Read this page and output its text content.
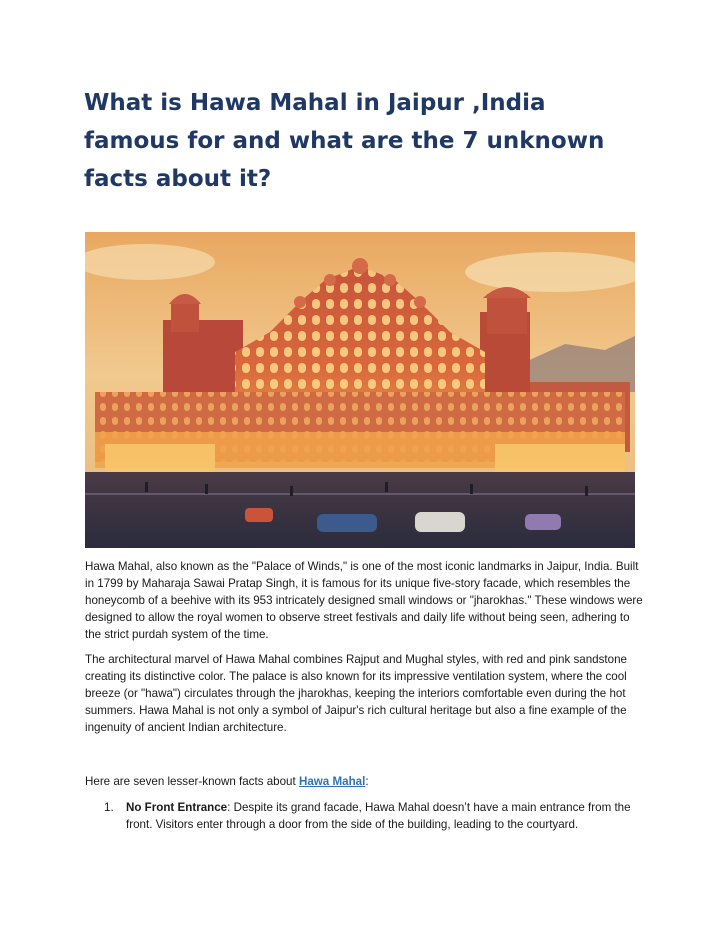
What is Hawa Mahal in Jaipur ,India famous for and what are the 7 unknown facts about it?

Hawa Mahal, also known as the "Palace of Winds," is one of the most iconic landmarks in Jaipur, India. Built in 1799 by Maharaja Sawai Pratap Singh, it is famous for its unique five-story facade, which resembles the honeycomb of a beehive with its 953 intricately designed small windows or "jharokhas." These windows were designed to allow the royal women to observe street festivals and daily life without being seen, adhering to the strict purdah system of the time.

The architectural marvel of Hawa Mahal combines Rajput and Mughal styles, with red and pink sandstone creating its distinctive color. The palace is also known for its impressive ventilation system, where the cool breeze (or "hawa") circulates through the jharokhas, keeping the interiors comfortable even during the hot summers. Hawa Mahal is not only a symbol of Jaipur's rich cultural heritage but also a fine example of the ingenuity of ancient Indian architecture.

Here are seven lesser-known facts about Hawa Mahal:

1.	No Front Entrance: Despite its grand facade, Hawa Mahal doesn’t have a main entrance from the front. Visitors enter through a door from the side of the building, leading to the courtyard.
